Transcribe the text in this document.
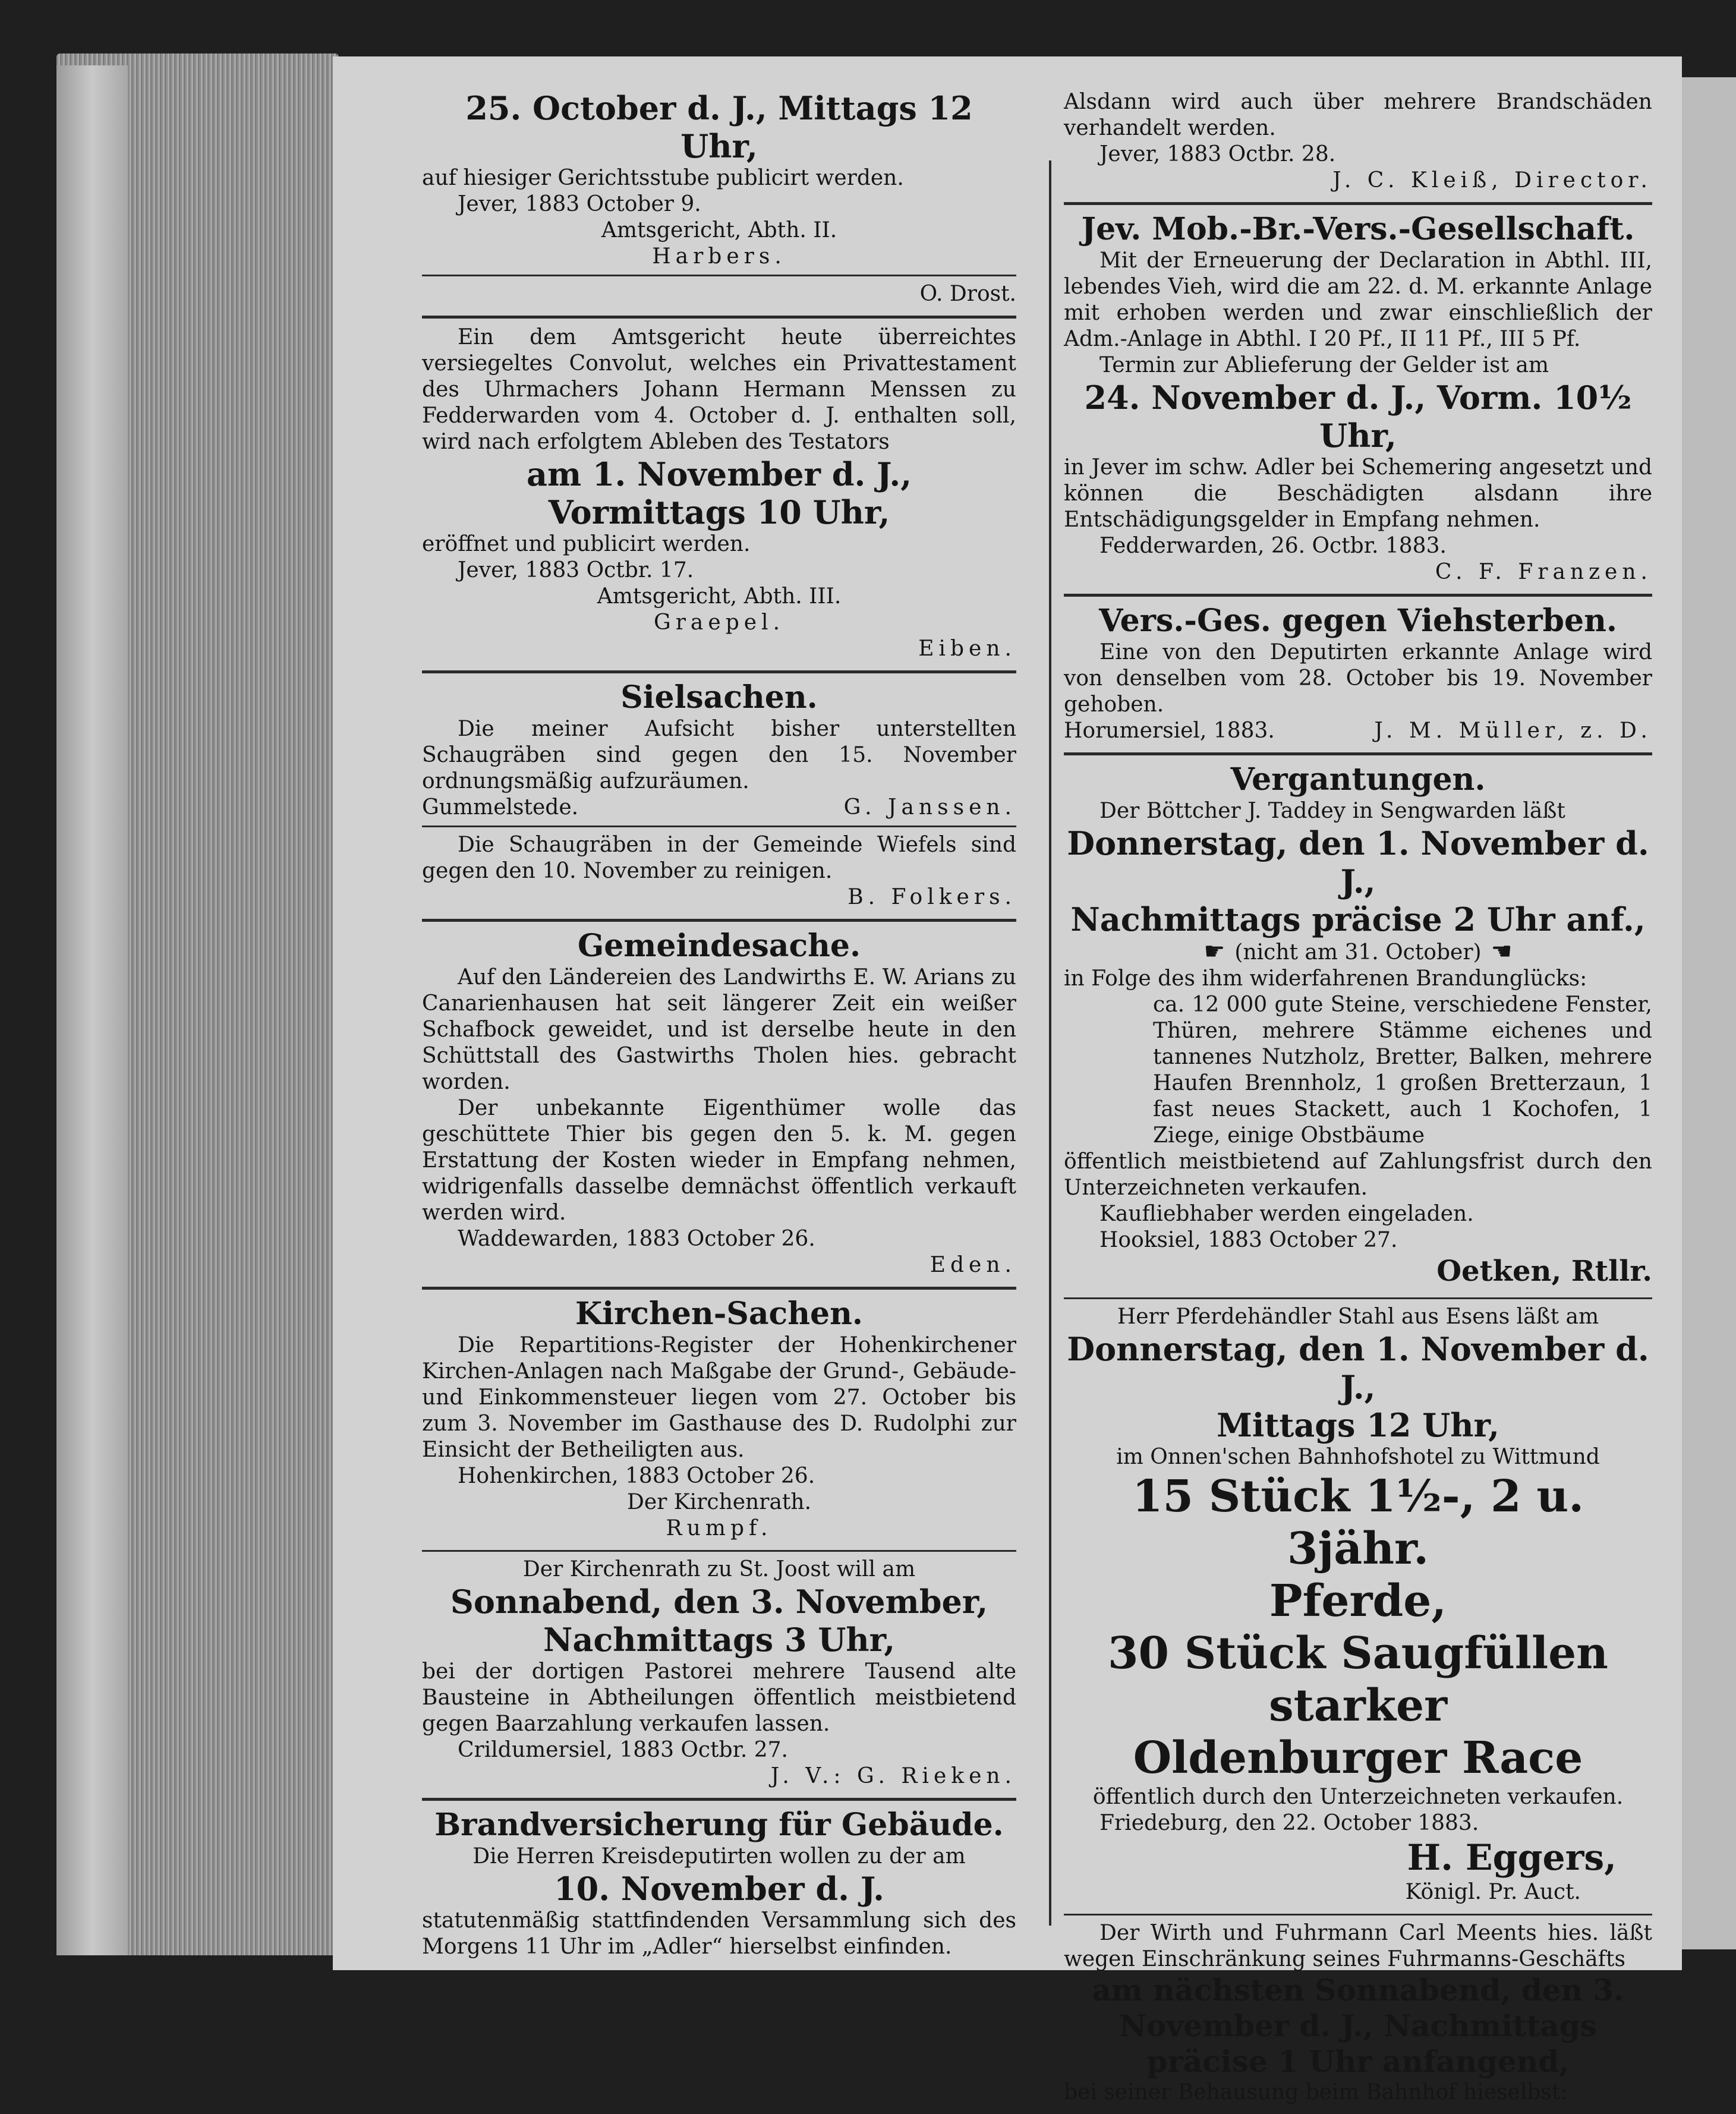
25. October d. J., Mittags 12 Uhr,

auf hiesiger Gerichtsstube publicirt werden.

Jever, 1883 October 9.

Amtsgericht, Abth. II.

Harbers.

O. Drost.

Ein dem Amtsgericht heute überreichtes versiegeltes Convolut, welches ein Privattestament des Uhrmachers Johann Hermann Menssen zu Fedderwarden vom 4. October d. J. enthalten soll, wird nach erfolgtem Ableben des Testators

am 1. November d. J.,

Vormittags 10 Uhr,

eröffnet und publicirt werden.

Jever, 1883 Octbr. 17.

Amtsgericht, Abth. III.

Graepel.

Eiben.

Sielsachen.

Die meiner Aufsicht bisher unterstellten Schaugräben sind gegen den 15. November ordnungsmäßig aufzuräumen.

Gummelstede.	G. Janssen.

Die Schaugräben in der Gemeinde Wiefels sind gegen den 10. November zu reinigen.

B. Folkers.

Gemeindesache.

Auf den Ländereien des Landwirths E. W. Arians zu Canarienhausen hat seit längerer Zeit ein weißer Schafbock geweidet, und ist derselbe heute in den Schüttstall des Gastwirths Tholen hies. gebracht worden.

Der unbekannte Eigenthümer wolle das geschüttete Thier bis gegen den 5. k. M. gegen Erstattung der Kosten wieder in Empfang nehmen, widrigenfalls dasselbe demnächst öffentlich verkauft werden wird.

Waddewarden, 1883 October 26.

Eden.

Kirchen-Sachen.

Die Repartitions-Register der Hohenkirchener Kirchen-Anlagen nach Maßgabe der Grund-, Gebäude- und Einkommensteuer liegen vom 27. October bis zum 3. November im Gasthause des D. Rudolphi zur Einsicht der Betheiligten aus.

Hohenkirchen, 1883 October 26.

Der Kirchenrath.

Rumpf.

Der Kirchenrath zu St. Joost will am

Sonnabend, den 3. November,

Nachmittags 3 Uhr,

bei der dortigen Pastorei mehrere Tausend alte Bausteine in Abtheilungen öffentlich meistbietend gegen Baarzahlung verkaufen lassen.

Crildumersiel, 1883 Octbr. 27.

J. V.: G. Rieken.

Brandversicherung für Gebäude.

Die Herren Kreisdeputirten wollen zu der am

10. November d. J.

statutenmäßig stattfindenden Versammlung sich des Morgens 11 Uhr im „Adler“ hierselbst einfinden.

Alsdann wird auch über mehrere Brandschäden verhandelt werden.

Jever, 1883 Octbr. 28.

J. C. Kleiß, Director.

Jev. Mob.-Br.-Vers.-Gesellschaft.

Mit der Erneuerung der Declaration in Abthl. III, lebendes Vieh, wird die am 22. d. M. erkannte Anlage mit erhoben werden und zwar einschließlich der Adm.-Anlage in Abthl. I 20 Pf., II 11 Pf., III 5 Pf.

Termin zur Ablieferung der Gelder ist am

24. November d. J., Vorm. 10½ Uhr,

in Jever im schw. Adler bei Schemering angesetzt und können die Beschädigten alsdann ihre Entschädigungsgelder in Empfang nehmen.

Fedderwarden, 26. Octbr. 1883.

C. F. Franzen.

Vers.-Ges. gegen Viehsterben.

Eine von den Deputirten erkannte Anlage wird von denselben vom 28. October bis 19. November gehoben.

Horumersiel, 1883.	J. M. Müller, z. D.

Vergantungen.

Der Böttcher J. Taddey in Sengwarden läßt

Donnerstag, den 1. November d. J.,

Nachmittags präcise 2 Uhr anf.,

☛ (nicht am 31. October) ☚

in Folge des ihm widerfahrenen Brandunglücks:

ca. 12 000 gute Steine, verschiedene Fenster, Thüren, mehrere Stämme eichenes und tannenes Nutzholz, Bretter, Balken, mehrere Haufen Brennholz, 1 großen Bretterzaun, 1 fast neues Stackett, auch 1 Kochofen, 1 Ziege, einige Obstbäume

öffentlich meistbietend auf Zahlungsfrist durch den Unterzeichneten verkaufen.

Kaufliebhaber werden eingeladen.

Hooksiel, 1883 October 27.

Oetken, Rtllr.

Herr Pferdehändler Stahl aus Esens läßt am

Donnerstag, den 1. November d. J.,

Mittags 12 Uhr,

im Onnen'schen Bahnhofshotel zu Wittmund

15 Stück 1½-, 2 u. 3jähr.

Pferde,

30 Stück Saugfüllen starker

Oldenburger Race

öffentlich durch den Unterzeichneten verkaufen.

Friedeburg, den 22. October 1883.

H. Eggers,

Königl. Pr. Auct.

Der Wirth und Fuhrmann Carl Meents hies. läßt wegen Einschränkung seines Fuhrmanns-Geschäfts

am nächsten Sonnabend, den 3. November d. J., Nachmittags präcise 1 Uhr anfangend,

bei seiner Behausung beim Bahnhof hieselbst:
